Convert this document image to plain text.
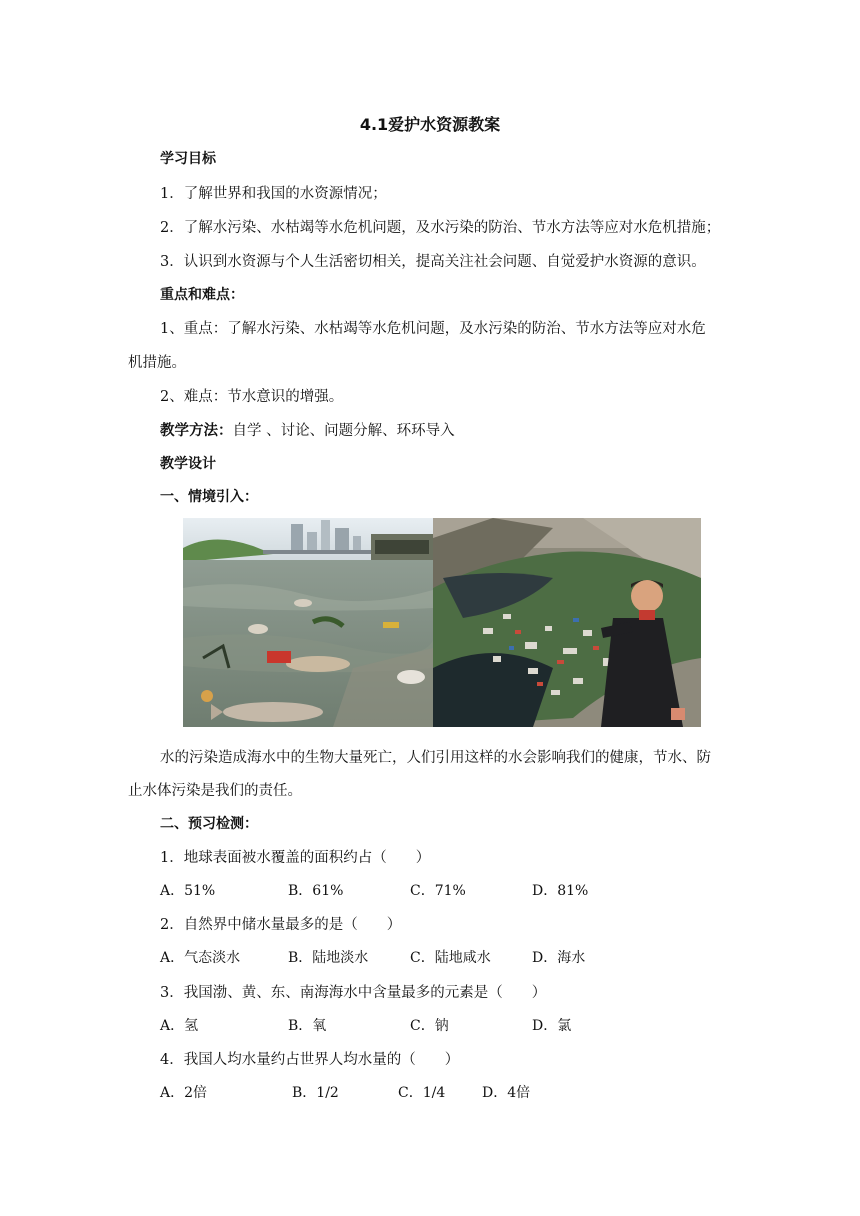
4.1爱护水资源教案
学习目标
1．了解世界和我国的水资源情况；
2．了解水污染、水枯竭等水危机问题，及水污染的防治、节水方法等应对水危机措施；
3．认识到水资源与个人生活密切相关，提高关注社会问题、自觉爱护水资源的意识。
重点和难点：
1、重点：了解水污染、水枯竭等水危机问题，及水污染的防治、节水方法等应对水危
机措施。
2、难点：节水意识的增强。
教学方法：自学 、讨论、问题分解、环环导入
教学设计
一、情境引入：
水的污染造成海水中的生物大量死亡，人们引用这样的水会影响我们的健康，节水、防
止水体污染是我们的责任。
二、预习检测：
1．地球表面被水覆盖的面积约占（　　）
A．51%	B．61%	C．71%	D．81%
2．自然界中储水量最多的是（　　）
A．气态淡水	B．陆地淡水	C．陆地咸水	D．海水
3．我国渤、黄、东、南海海水中含量最多的元素是（　　）
A．氢	B．氧	C．钠	D．氯
4．我国人均水量约占世界人均水量的（　　）
A．2倍	B．1/2	C．1/4	D．4倍
